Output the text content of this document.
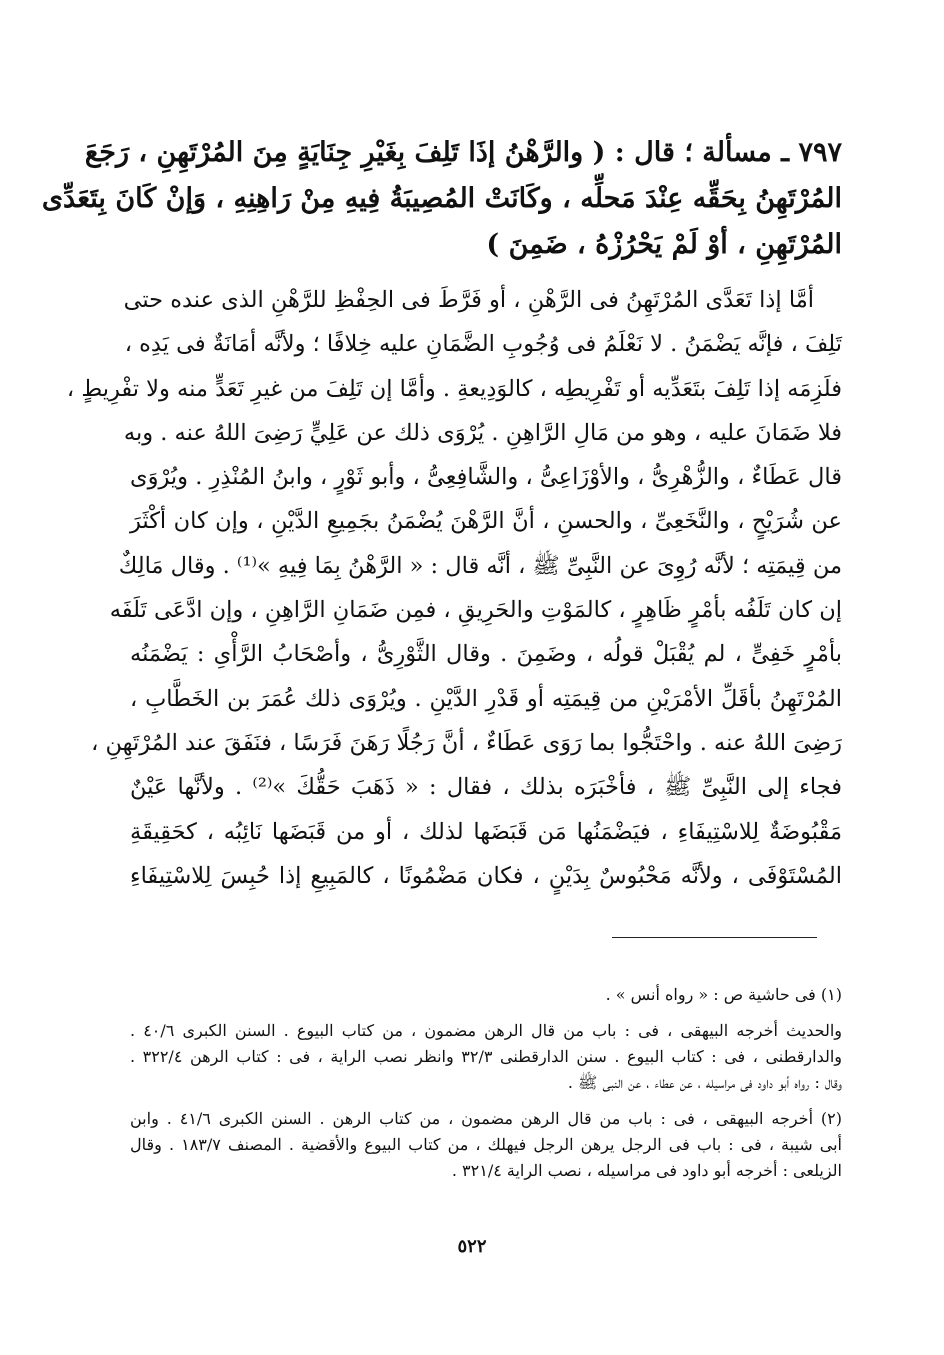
٧٩٧ ـ مسألة ؛ قال : ( والرَّهْنُ إذَا تَلِفَ بِغَيْرِ جِنَايَةٍ مِنَ المُرْتَهِنِ ، رَجَعَ
المُرْتَهِنُ بِحَقِّه عِنْدَ مَحلِّه ، وكَانَتْ المُصِيبَةُ فِيهِ مِنْ رَاهِنِهِ ، وَإنْ كَانَ بِتَعَدِّى
المُرْتَهِنِ ، أوْ لَمْ يَحْرُزْهُ ، ضَمِنَ )
أمَّا إذا تَعَدَّى المُرْتَهِنُ فى الرَّهْنِ ، أو فَرَّطَ فى الحِفْظِ للرَّهْنِ الذى عنده حتى
تَلِفَ ، فإنَّه يَضْمَنُ . لا نَعْلَمُ فى وُجُوبِ الضَّمَانِ عليه خِلافًا ؛ ولأنَّه أمَانَةٌ فى يَدِه ،
فلَزِمَه إذا تَلِفَ بتَعَدِّيه أو تَفْرِيطِه ، كالوَدِيعةِ . وأمَّا إن تَلِفَ من غيرِ تَعَدٍّ منه ولا تفْرِيطٍ ،
فلا ضَمَانَ عليه ، وهو من مَالِ الرَّاهِنِ . يُرْوَى ذلك عن عَلِيٍّ رَضِىَ اللهُ عنه . وبه
قال عَطَاءٌ ، والزُّهْرِىُّ ، والأوْزَاعِىُّ ، والشَّافِعِىُّ ، وأبو ثَوْرٍ ، وابنُ المُنْذِرِ . ويُرْوَى
عن شُرَيْحٍ ، والنَّخَعِىِّ ، والحسنِ ، أنَّ الرَّهْنَ يُضْمَنُ بجَمِيعِ الدَّيْنِ ، وإن كان أكْثَرَ
من قِيمَتِه ؛ لأنَّه رُوِىَ عن النَّبِىِّ ﷺ ، أنَّه قال : « الرَّهْنُ بِمَا فِيهِ »⁽¹⁾ . وقال مَالِكٌ
إن كان تَلَفُه بأمْرٍ ظَاهِرٍ ، كالمَوْتِ والحَرِيقِ ، فمِن ضَمَانِ الرَّاهِنِ ، وإن ادَّعَى تَلَفَه
بأمْرٍ خَفِىٍّ ، لم يُقْبَلْ قولُه ، وضَمِنَ . وقال الثَّوْرِىُّ ، وأصْحَابُ الرَّأْىِ : يَضْمَنُه
المُرْتَهِنُ بأقَلِّ الأمْرَيْنِ من قِيمَتِه أو قَدْرِ الدَّيْنِ . ويُرْوَى ذلك عُمَرَ بن الخَطَّابِ ،
رَضِىَ اللهُ عنه . واحْتَجُّوا بما رَوَى عَطَاءٌ ، أنَّ رَجُلًا رَهَنَ فَرَسًا ، فنَفَقَ عند المُرْتَهِنِ ،
فجاء إلى النَّبِىِّ ﷺ ، فأخْبَرَه بذلك ، فقال : « ذَهَبَ حَقُّكَ »⁽²⁾ . ولأنَّها عَيْنٌ
مَقْبُوضَةٌ لِلاسْتِيفَاءِ ، فيَضْمَنُها مَن قَبَضَها لذلك ، أو من قَبَضَها نَائِبُه ، كحَقِيقَةِ
المُسْتَوْفَى ، ولأنَّه مَحْبُوسٌ بِدَيْنٍ ، فكان مَضْمُونًا ، كالمَبِيعِ إذا حُبِسَ لِلاسْتِيفَاءِ
(١) فى حاشية ص : « رواه أنس » .
والحديث أخرجه البيهقى ، فى : باب من قال الرهن مضمون ، من كتاب البيوع . السنن الكبرى ٤٠/٦ .
والدارقطنى ، فى : كتاب البيوع . سنن الدارقطنى ٣٢/٣ وانظر نصب الراية ، فى : كتاب الرهن ٣٢٢/٤ .
وقال : رواه أبو داود فى مراسيله ، عن عطاء ، عن النبى ﷺ .
(٢) أخرجه البيهقى ، فى : باب من قال الرهن مضمون ، من كتاب الرهن . السنن الكبرى ٤١/٦ . وابن
أبى شيبة ، فى : باب فى الرجل يرهن الرجل فيهلك ، من كتاب البيوع والأقضية . المصنف ١٨٣/٧ . وقال
الزيلعى : أخرجه أبو داود فى مراسيله ، نصب الراية ٣٢١/٤ .
٥٢٢
